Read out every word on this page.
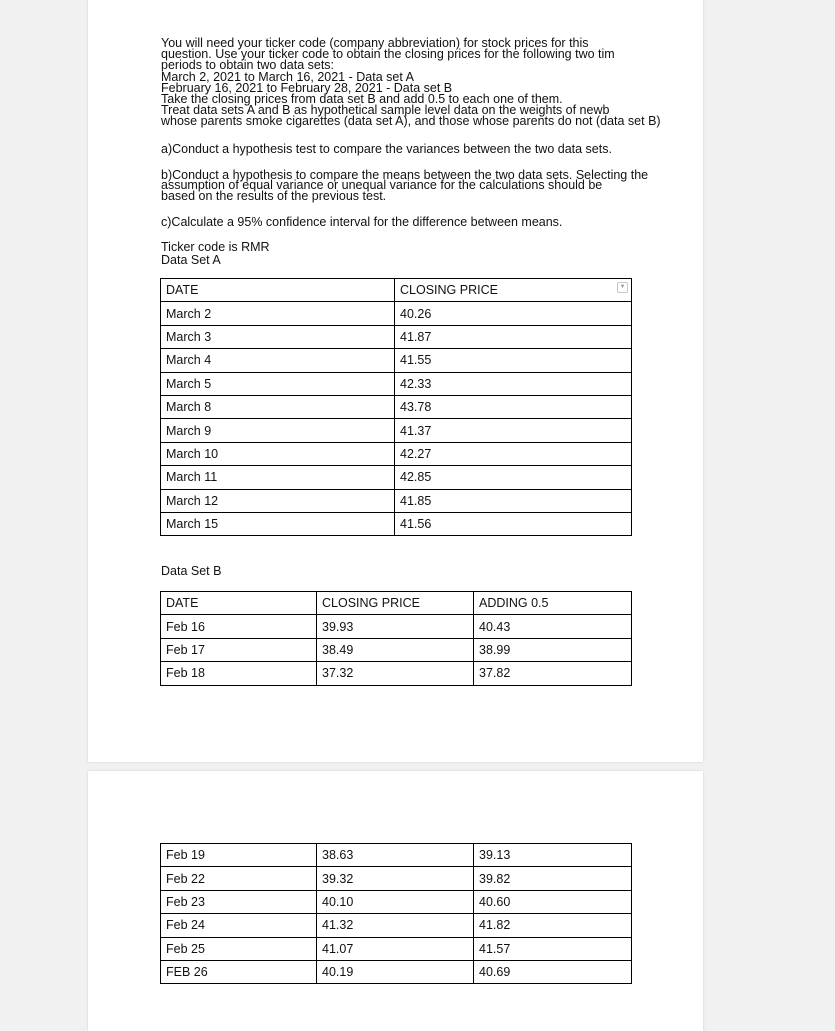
You will need your ticker code (company abbreviation) for stock prices for this
question. Use your ticker code to obtain the closing prices for the following two tim
periods to obtain two data sets:
March 2, 2021 to March 16, 2021 - Data set A
February 16, 2021 to February 28, 2021 - Data set B
Take the closing prices from data set B and add 0.5 to each one of them.
Treat data sets A and B as hypothetical sample level data on the weights of newb
whose parents smoke cigarettes (data set A), and those whose parents do not (data set B)
a)Conduct a hypothesis test to compare the variances between the two data sets.
b)Conduct a hypothesis to compare the means between the two data sets. Selecting the
assumption of equal variance or unequal variance for the calculations should be
based on the results of the previous test.
c)Calculate a 95% confidence interval for the difference between means.
Ticker code is RMR
Data Set A
DATE	CLOSING PRICE ▼

March 2	40.26
March 3	41.87
March 4	41.55
March 5	42.33
March 8	43.78
March 9	41.37
March 10	42.27
March 11	42.85
March 12	41.85
March 15	41.56
Data Set B
DATE	CLOSING PRICE	ADDING 0.5
Feb 16	39.93	40.43
Feb 17	38.49	38.99
Feb 18	37.32	37.82
Feb 19	38.63	39.13
Feb 22	39.32	39.82
Feb 23	40.10	40.60
Feb 24	41.32	41.82
Feb 25	41.07	41.57
FEB 26	40.19	40.69
